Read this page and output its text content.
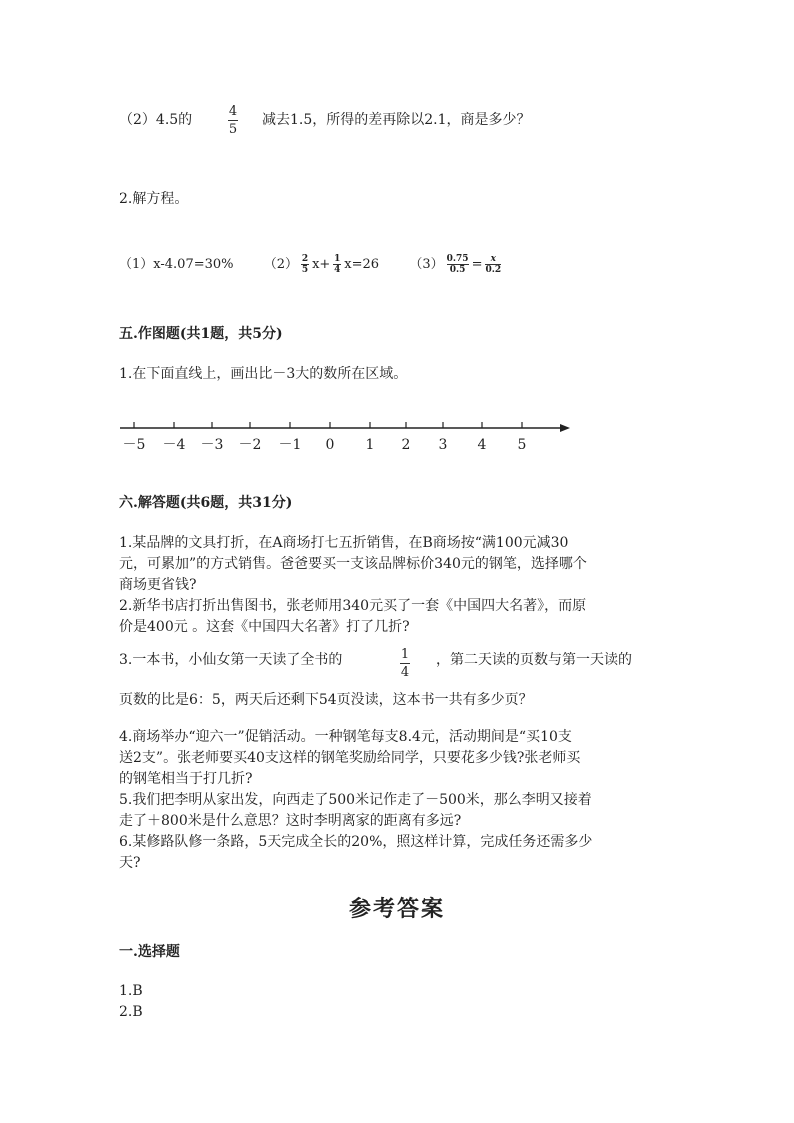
（2）4.5的
4
5
减去1.5，所得的差再除以2.1，商是多少？
2.解方程。
（1）x-4.07=30% $(2) \frac{2}{5} x+ \frac{1}{4} x=26$ $(3) \frac{0.75}{0.5} = \frac{x}{0.2}$
五.作图题(共1题，共5分)
1.在下面直线上，画出比－3大的数所在区域。
－5 －4 －3 －2 －1 0 1 2 3 4 5
六.解答题(共6题，共31分)
1.某品牌的文具打折，在A商场打七五折销售，在B商场按“满100元减30
元，可累加”的方式销售。爸爸要买一支该品牌标价340元的钢笔，选择哪个
商场更省钱?
2.新华书店打折出售图书，张老师用340元买了一套《中国四大名著》，而原
价是400元 。这套《中国四大名著》打了几折?
3.一本书，小仙女第一天读了全书的	1
4
，第二天读的页数与第一天读的
页数的比是6：5，两天后还剩下54页没读，这本书一共有多少页？
4.商场举办“迎六一”促销活动。一种钢笔每支8.4元，活动期间是“买10支
送2支”。张老师要买40支这样的钢笔奖励给同学，只要花多少钱?张老师买
的钢笔相当于打几折?
5.我们把李明从家出发，向西走了500米记作走了－500米，那么李明又接着
走了＋800米是什么意思？这时李明离家的距离有多远?
6.某修路队修一条路，5天完成全长的20%，照这样计算，完成任务还需多少
天?
参考答案
一.选择题
1.B
2.B
